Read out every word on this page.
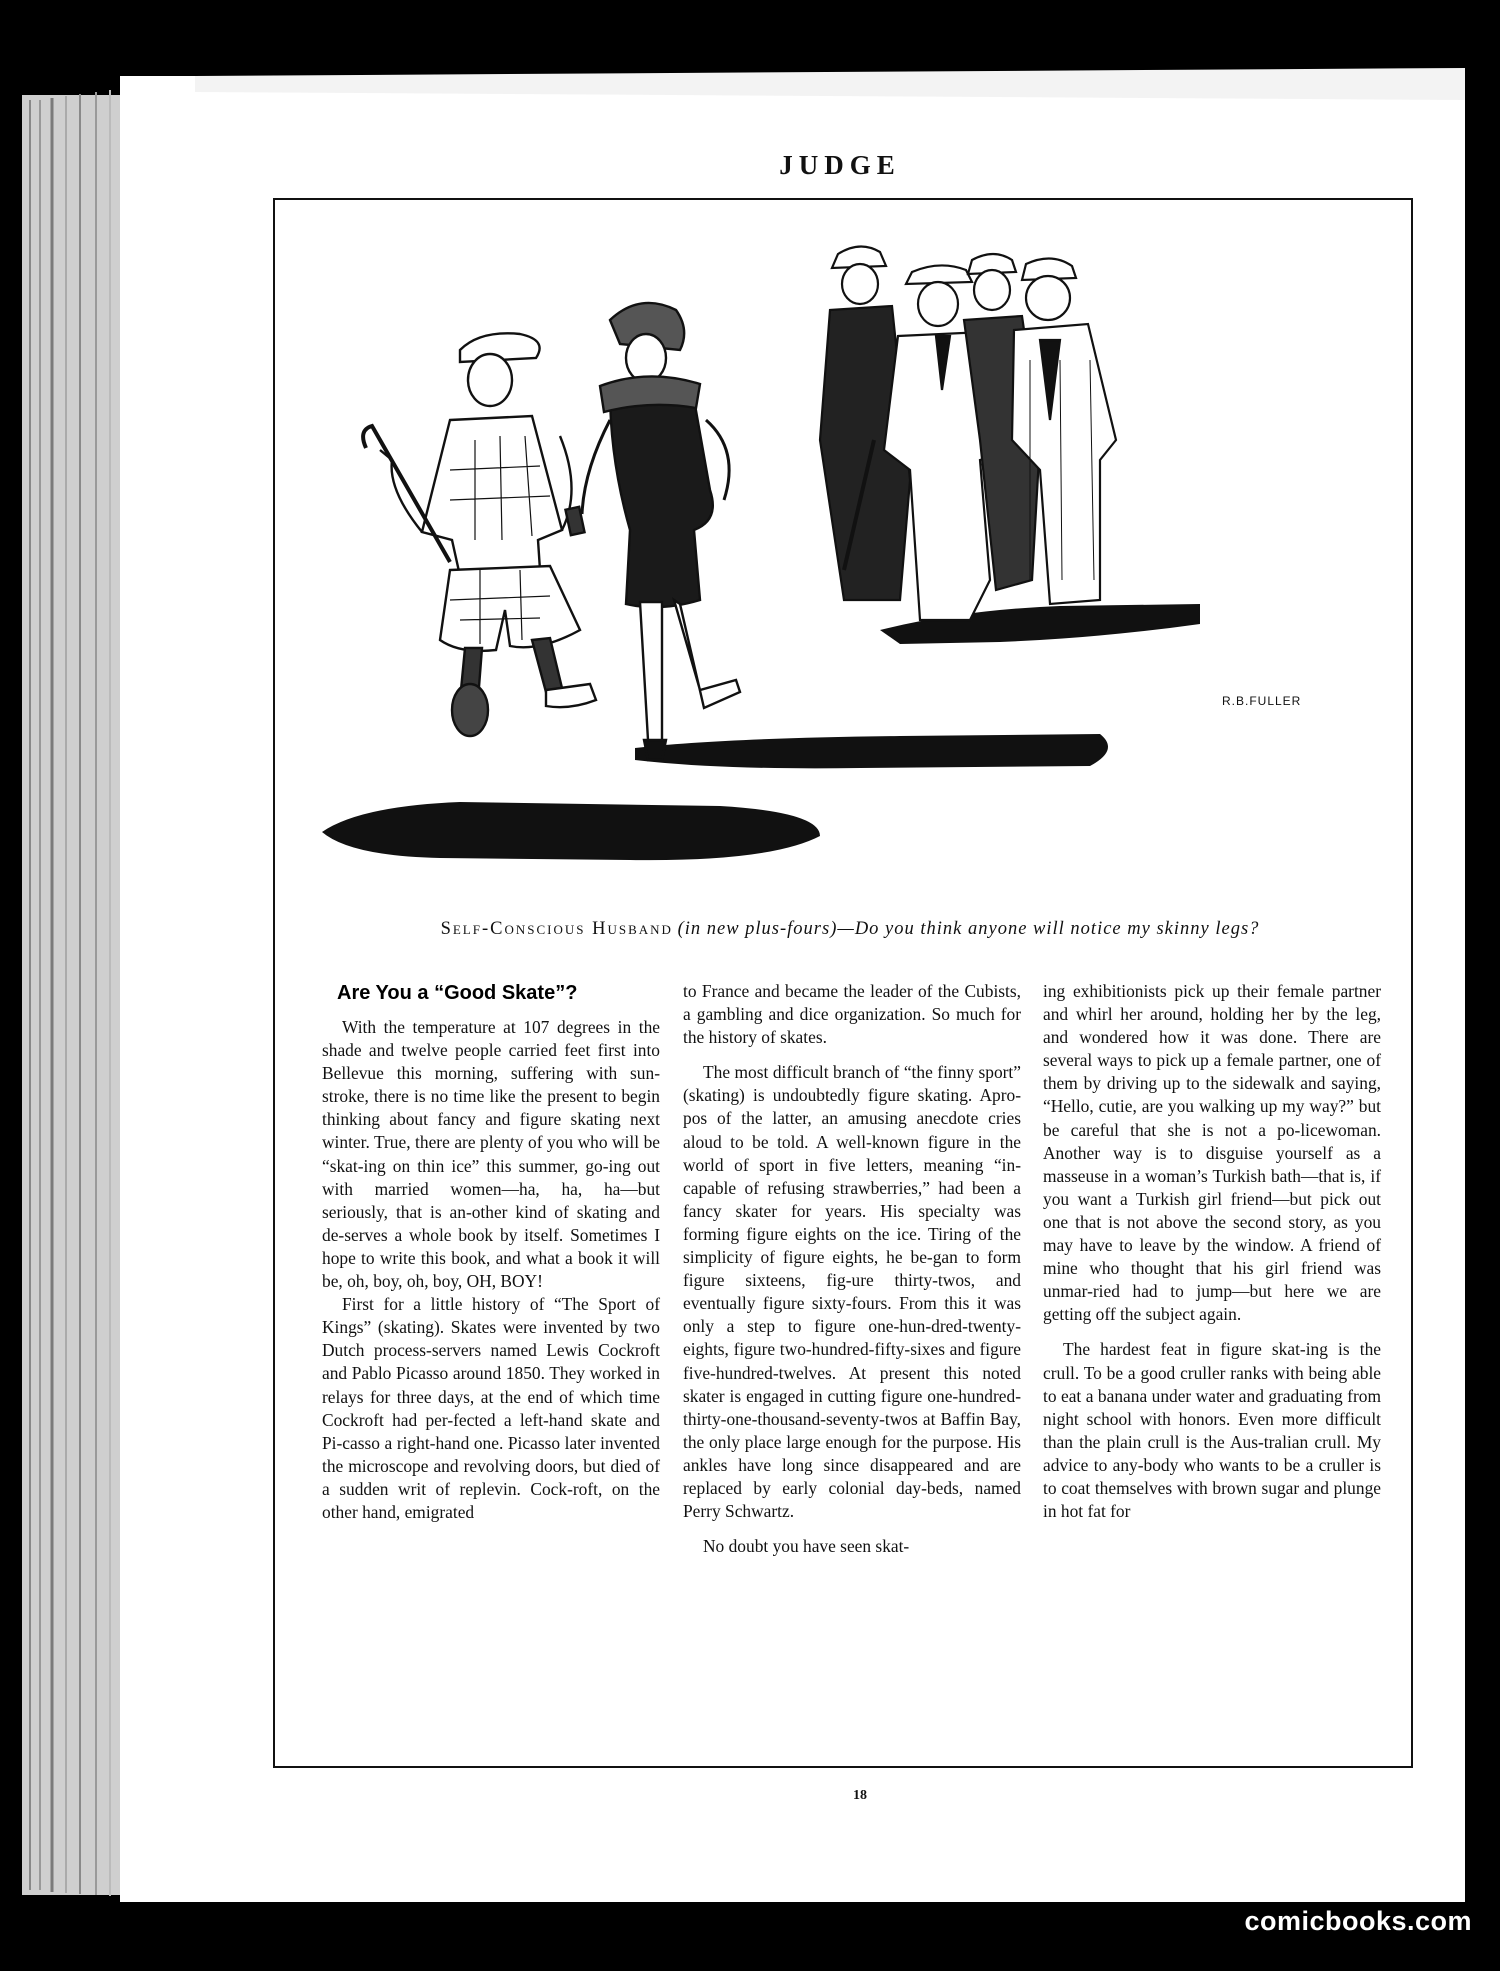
JUDGE
R.B.FULLER
Self-Conscious Husband (in new plus-fours)—Do you think anyone will notice my skinny legs?
Are You a “Good Skate”?

With the temperature at 107 degrees in the shade and twelve people carried feet first into Bellevue this morning, suffering with sun-stroke, there is no time like the present to begin thinking about fancy and figure skating next winter. True, there are plenty of you who will be “skat-ing on thin ice” this summer, go-ing out with married women—ha, ha, ha—but seriously, that is an-other kind of skating and de-serves a whole book by itself. Sometimes I hope to write this book, and what a book it will be, oh, boy, oh, boy, OH, BOY!

First for a little history of “The Sport of Kings” (skating). Skates were invented by two Dutch process-servers named Lewis Cockroft and Pablo Picasso around 1850. They worked in relays for three days, at the end of which time Cockroft had per-fected a left-hand skate and Pi-casso a right-hand one. Picasso later invented the microscope and revolving doors, but died of a sudden writ of replevin. Cock-roft, on the other hand, emigrated

to France and became the leader of the Cubists, a gambling and dice organization. So much for the history of skates.

The most difficult branch of “the finny sport” (skating) is undoubtedly figure skating. Apro-pos of the latter, an amusing anecdote cries aloud to be told. A well-known figure in the world of sport in five letters, meaning “in-capable of refusing strawberries,” had been a fancy skater for years. His specialty was forming figure eights on the ice. Tiring of the simplicity of figure eights, he be-gan to form figure sixteens, fig-ure thirty-twos, and eventually figure sixty-fours. From this it was only a step to figure one-hun-dred-twenty-eights, figure two-hundred-fifty-sixes and figure five-hundred-twelves. At present this noted skater is engaged in cutting figure one-hundred-thirty-one-thousand-seventy-twos at Baffin Bay, the only place large enough for the purpose. His ankles have long since disappeared and are replaced by early colonial day-beds, named Perry Schwartz.

No doubt you have seen skat-

ing exhibitionists pick up their female partner and whirl her around, holding her by the leg, and wondered how it was done. There are several ways to pick up a female partner, one of them by driving up to the sidewalk and saying, “Hello, cutie, are you walking up my way?” but be careful that she is not a po-licewoman. Another way is to disguise yourself as a masseuse in a woman’s Turkish bath—that is, if you want a Turkish girl friend—but pick out one that is not above the second story, as you may have to leave by the window. A friend of mine who thought that his girl friend was unmar-ried had to jump—but here we are getting off the subject again.

The hardest feat in figure skat-ing is the crull. To be a good cruller ranks with being able to eat a banana under water and graduating from night school with honors. Even more difficult than the plain crull is the Aus-tralian crull. My advice to any-body who wants to be a cruller is to coat themselves with brown sugar and plunge in hot fat for

18
comicbooks.com
